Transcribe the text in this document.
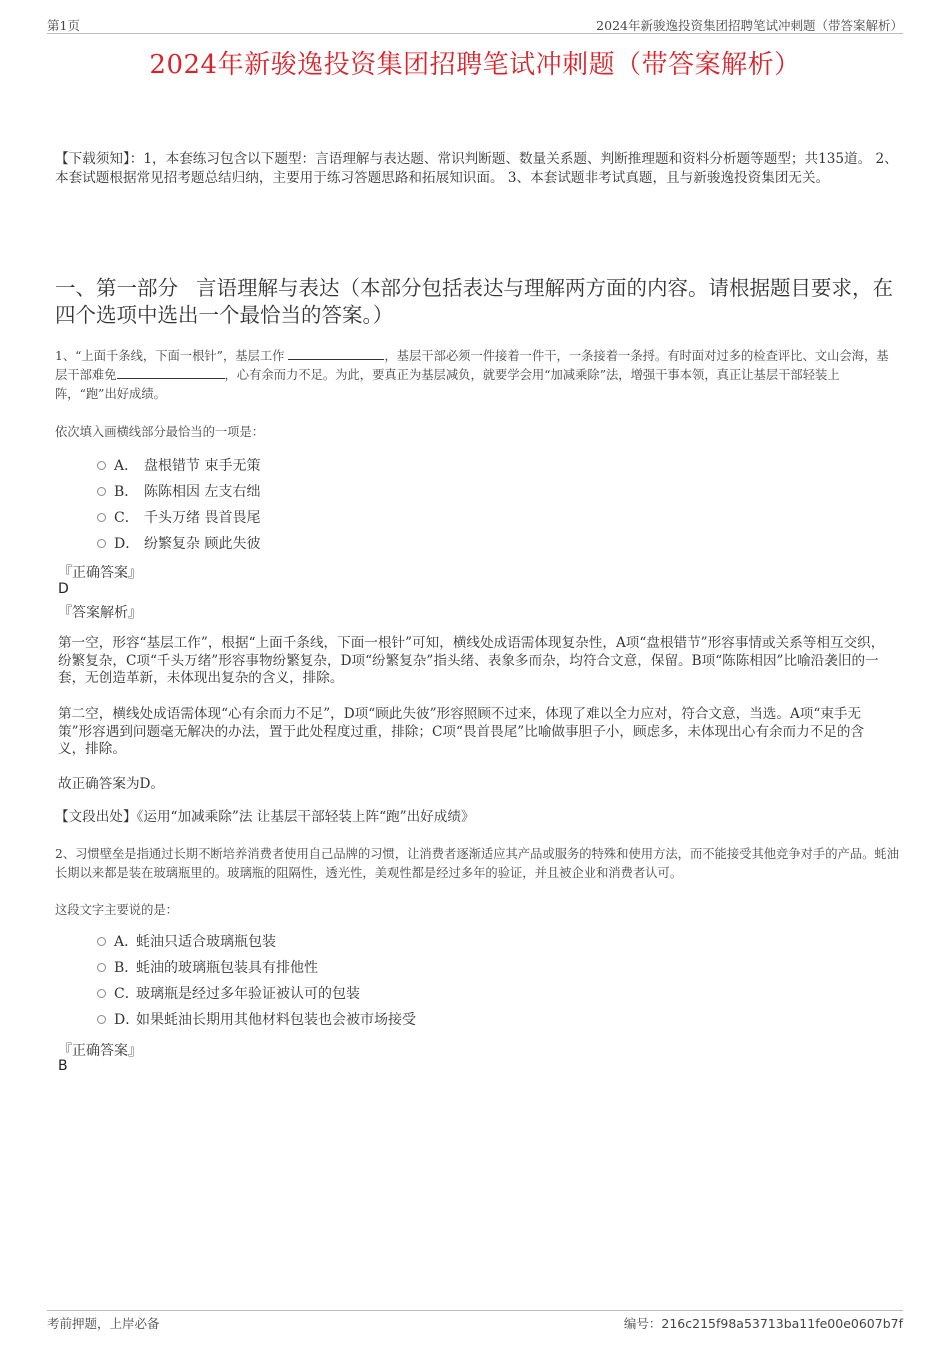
第1页	2024年新骏逸投资集团招聘笔试冲刺题（带答案解析）
2024年新骏逸投资集团招聘笔试冲刺题（带答案解析）
【下载须知】：1，本套练习包含以下题型：言语理解与表达题、常识判断题、数量关系题、判断推理题和资料分析题等题型；共135道。 2、本套试题根据常见招考题总结归纳，主要用于练习答题思路和拓展知识面。 3、本套试题非考试真题，且与新骏逸投资集团无关。
一、第一部分 言语理解与表达（本部分包括表达与理解两方面的内容。请根据题目要求，在四个选项中选出一个最恰当的答案。）
1、“上面千条线，下面一根针”，基层工作	，基层干部必须一件接着一件干，一条接着一条捋。有时面对过多的检查评比、文山会海，基层干部难免	，心有余而力不足。为此，要真正为基层减负，就要学会用“加减乘除”法，增强干事本领，真正让基层干部轻装上阵，“跑”出好成绩。
依次填入画横线部分最恰当的一项是：
A． 盘根错节 束手无策
B． 陈陈相因 左支右绌
C． 千头万绪 畏首畏尾
D． 纷繁复杂 顾此失彼
『正确答案』
D
『答案解析』
第一空，形容“基层工作”，根据“上面千条线，下面一根针”可知，横线处成语需体现复杂性，A项“盘根错节”形容事情或关系等相互交织，纷繁复杂，C项“千头万绪”形容事物纷繁复杂，D项“纷繁复杂”指头绪、表象多而杂，均符合文意，保留。B项“陈陈相因”比喻沿袭旧的一套，无创造革新，未体现出复杂的含义，排除。
第二空，横线处成语需体现“心有余而力不足”，D项“顾此失彼”形容照顾不过来，体现了难以全力应对，符合文意，当选。A项“束手无策”形容遇到问题毫无解决的办法，置于此处程度过重，排除；C项“畏首畏尾”比喻做事胆子小，顾虑多，未体现出心有余而力不足的含义，排除。
故正确答案为D。
【文段出处】《运用“加减乘除”法 让基层干部轻装上阵“跑”出好成绩》
2、习惯壁垒是指通过长期不断培养消费者使用自己品牌的习惯，让消费者逐渐适应其产品或服务的特殊和使用方法，而不能接受其他竞争对手的产品。蚝油长期以来都是装在玻璃瓶里的。玻璃瓶的阻隔性，透光性，美观性都是经过多年的验证，并且被企业和消费者认可。
这段文字主要说的是：
A．蚝油只适合玻璃瓶包装
B．蚝油的玻璃瓶包装具有排他性
C．玻璃瓶是经过多年验证被认可的包装
D．如果蚝油长期用其他材料包装也会被市场接受
『正确答案』
B
考前押题，上岸必备	编号：216c215f98a53713ba11fe00e0607b7f
